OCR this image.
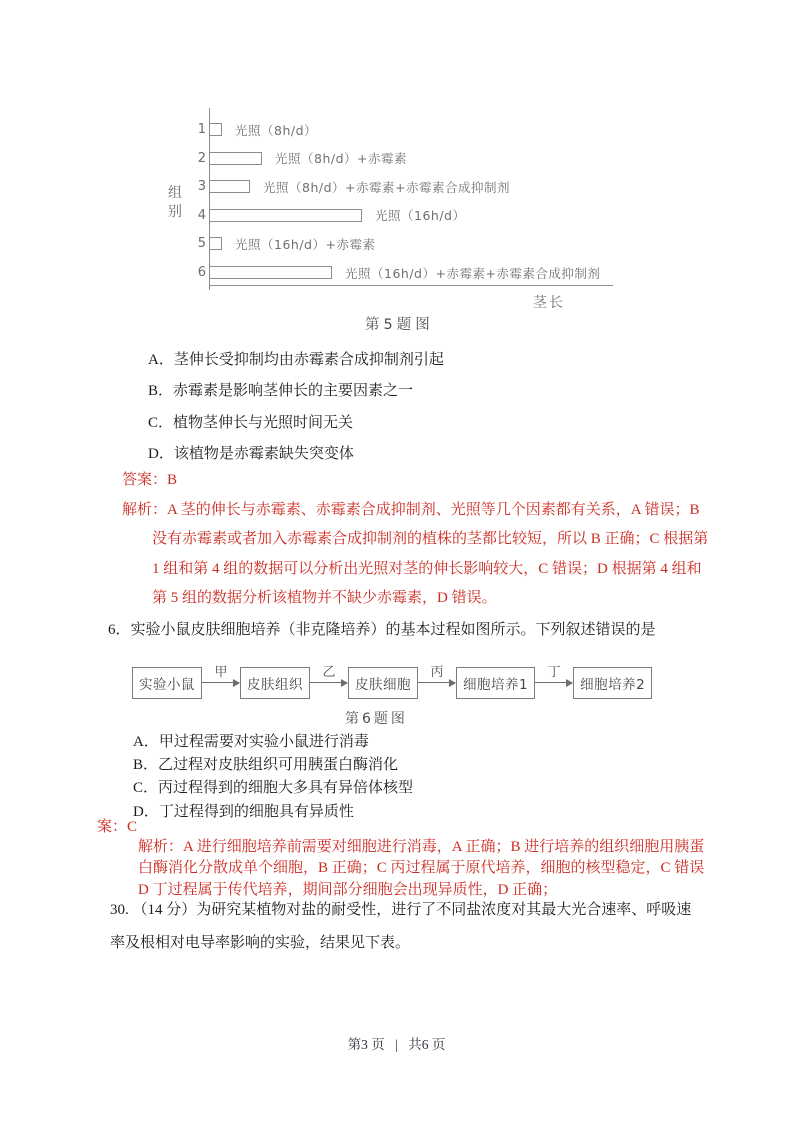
组别
1 光照（8h/d）
2	光照（8h/d）+赤霉素
3	光照（8h/d）+赤霉素+赤霉素合成抑制剂
4	光照（16h/d）
5 光照（16h/d）+赤霉素
6	光照（16h/d）+赤霉素+赤霉素合成抑制剂
茎长
第5题图
A．茎伸长受抑制均由赤霉素合成抑制剂引起
B．赤霉素是影响茎伸长的主要因素之一
C．植物茎伸长与光照时间无关
D．该植物是赤霉素缺失突变体
答案：B
解析：A 茎的伸长与赤霉素、赤霉素合成抑制剂、光照等几个因素都有关系，A 错误；B
没有赤霉素或者加入赤霉素合成抑制剂的植株的茎都比较短，所以 B 正确；C 根据第
1 组和第 4 组的数据可以分析出光照对茎的伸长影响较大，C 错误；D 根据第 4 组和
第 5 组的数据分析该植物并不缺少赤霉素，D 错误。
6．实验小鼠皮肤细胞培养（非克隆培养）的基本过程如图所示。下列叙述错误的是
实验小鼠
甲
皮肤组织
乙
皮肤细胞
丙
细胞培养1
丁
细胞培养2
第6题图
A．甲过程需要对实验小鼠进行消毒
B．乙过程对皮肤组织可用胰蛋白酶消化
C．丙过程得到的细胞大多具有异倍体核型
D．丁过程得到的细胞具有异质性
案：C
解析：A 进行细胞培养前需要对细胞进行消毒，A 正确；B 进行培养的组织细胞用胰蛋
白酶消化分散成单个细胞，B 正确；C 丙过程属于原代培养，细胞的核型稳定，C 错误
D 丁过程属于传代培养，期间部分细胞会出现异质性，D 正确；
30. （14 分）为研究某植物对盐的耐受性，进行了不同盐浓度对其最大光合速率、呼吸速
率及根相对电导率影响的实验，结果见下表。
第3 页 | 共6 页
